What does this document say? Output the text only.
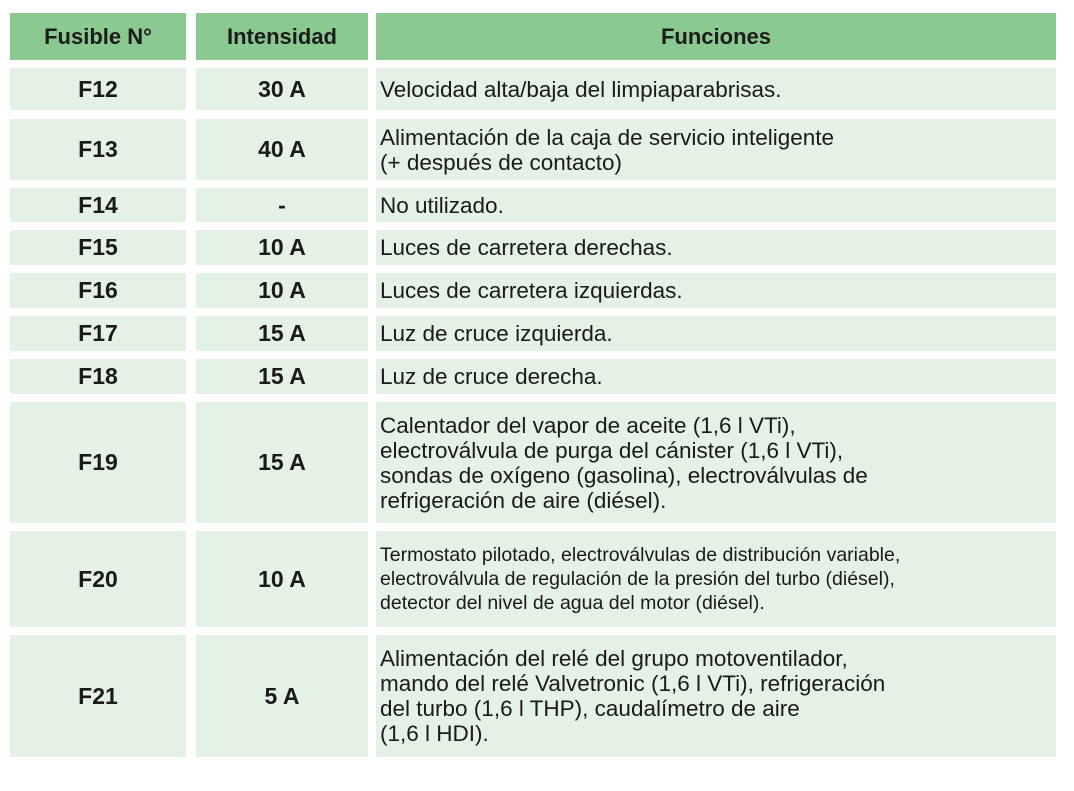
Fusible N°	Intensidad	Funciones
F12	30 A	Velocidad alta/baja del limpiaparabrisas.
F13	40 A	Alimentación de la caja de servicio inteligente
(+ después de contacto)
F14	-	No utilizado.
F15	10 A	Luces de carretera derechas.
F16	10 A	Luces de carretera izquierdas.
F17	15 A	Luz de cruce izquierda.
F18	15 A	Luz de cruce derecha.
F19	15 A
Calentador del vapor de aceite (1,6 l VTi),
electroválvula de purga del cánister (1,6 l VTi),
sondas de oxígeno (gasolina), electroválvulas de
refrigeración de aire (diésel).
F20	10 A
Termostato pilotado, electroválvulas de distribución variable,
electroválvula de regulación de la presión del turbo (diésel),
detector del nivel de agua del motor (diésel).
F21	5 A
Alimentación del relé del grupo motoventilador,
mando del relé Valvetronic (1,6 l VTi), refrigeración
del turbo (1,6 l THP), caudalímetro de aire
(1,6 l HDI).
